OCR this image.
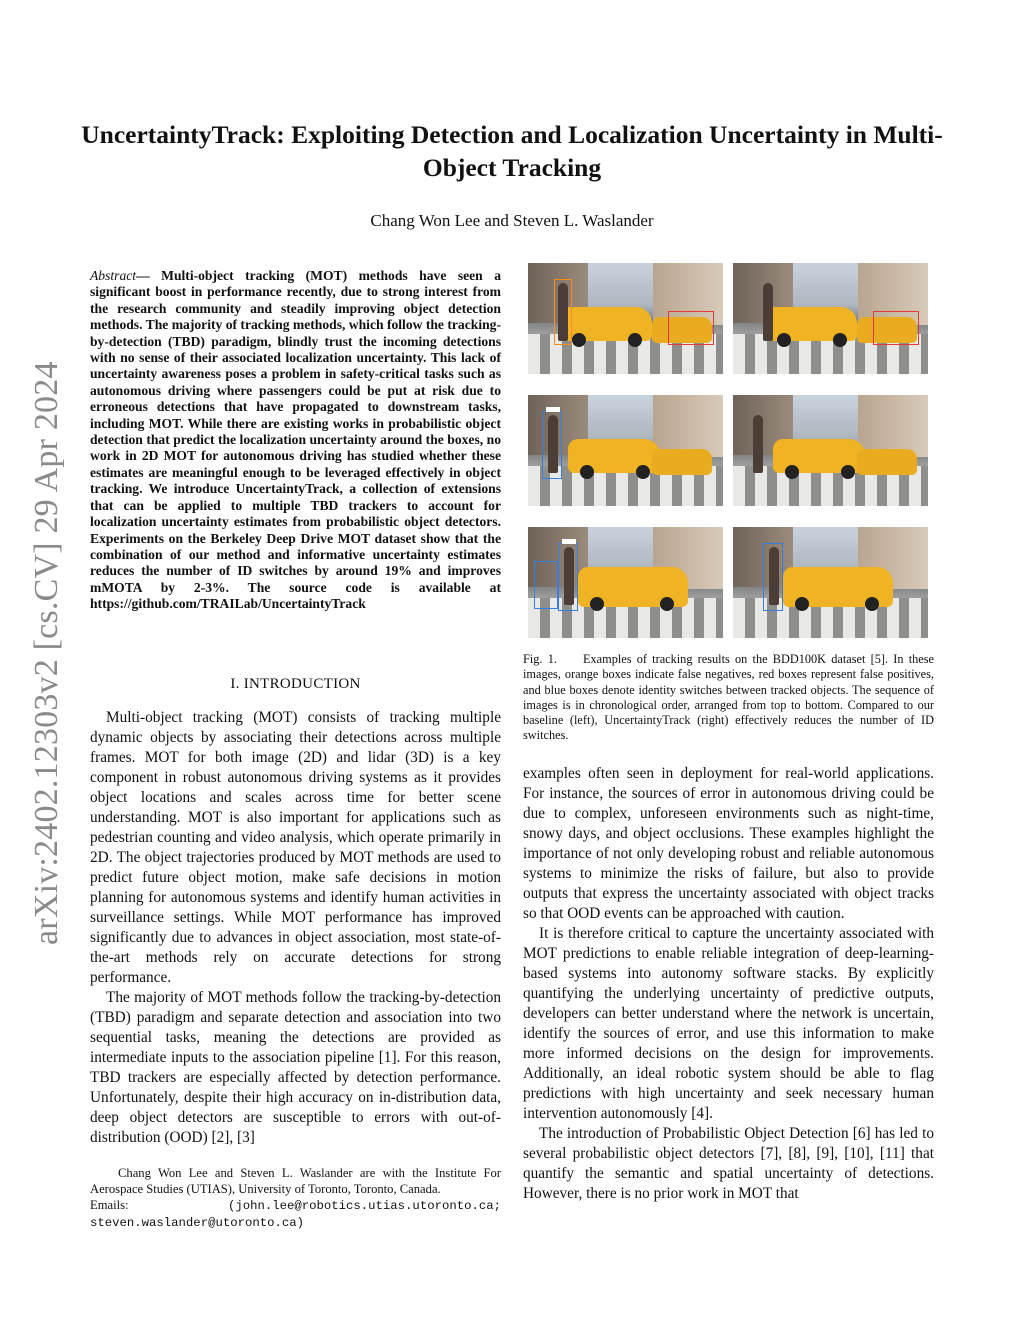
UncertaintyTrack: Exploiting Detection and Localization Uncertainty in Multi-Object Tracking
Chang Won Lee and Steven L. Waslander
arXiv:2402.12303v2 [cs.CV] 29 Apr 2024
Abstract— Multi-object tracking (MOT) methods have seen a significant boost in performance recently, due to strong interest from the research community and steadily improving object detection methods. The majority of tracking methods, which follow the tracking-by-detection (TBD) paradigm, blindly trust the incoming detections with no sense of their associated localization uncertainty. This lack of uncertainty awareness poses a problem in safety-critical tasks such as autonomous driving where passengers could be put at risk due to erroneous detections that have propagated to downstream tasks, including MOT. While there are existing works in probabilistic object detection that predict the localization uncertainty around the boxes, no work in 2D MOT for autonomous driving has studied whether these estimates are meaningful enough to be leveraged effectively in object tracking. We introduce UncertaintyTrack, a collection of extensions that can be applied to multiple TBD trackers to account for localization uncertainty estimates from probabilistic object detectors. Experiments on the Berkeley Deep Drive MOT dataset show that the combination of our method and informative uncertainty estimates reduces the number of ID switches by around 19% and improves mMOTA by 2-3%. The source code is available at https://github.com/TRAILab/UncertaintyTrack
I. INTRODUCTION

Multi-object tracking (MOT) consists of tracking multiple dynamic objects by associating their detections across multiple frames. MOT for both image (2D) and lidar (3D) is a key component in robust autonomous driving systems as it provides object locations and scales across time for better scene understanding. MOT is also important for applications such as pedestrian counting and video analysis, which operate primarily in 2D. The object trajectories produced by MOT methods are used to predict future object motion, make safe decisions in motion planning for autonomous systems and identify human activities in surveillance settings. While MOT performance has improved significantly due to advances in object association, most state-of-the-art methods rely on accurate detections for strong performance.

The majority of MOT methods follow the tracking-by-detection (TBD) paradigm and separate detection and association into two sequential tasks, meaning the detections are provided as intermediate inputs to the association pipeline [1]. For this reason, TBD trackers are especially affected by detection performance. Unfortunately, despite their high accuracy on in-distribution data, deep object detectors are susceptible to errors with out-of-distribution (OOD) [2], [3]

Chang Won Lee and Steven L. Waslander are with the Institute For Aerospace Studies (UTIAS), University of Toronto, Toronto, Canada.
Emails:	(john.lee@robotics.utias.utoronto.ca; steven.waslander@utoronto.ca)
Fig. 1.     Examples of tracking results on the BDD100K dataset [5]. In these images, orange boxes indicate false negatives, red boxes represent false positives, and blue boxes denote identity switches between tracked objects. The sequence of images is in chronological order, arranged from top to bottom. Compared to our baseline (left), UncertaintyTrack (right) effectively reduces the number of ID switches.

examples often seen in deployment for real-world applications. For instance, the sources of error in autonomous driving could be due to complex, unforeseen environments such as night-time, snowy days, and object occlusions. These examples highlight the importance of not only developing robust and reliable autonomous systems to minimize the risks of failure, but also to provide outputs that express the uncertainty associated with object tracks so that OOD events can be approached with caution.

It is therefore critical to capture the uncertainty associated with MOT predictions to enable reliable integration of deep-learning-based systems into autonomy software stacks. By explicitly quantifying the underlying uncertainty of predictive outputs, developers can better understand where the network is uncertain, identify the sources of error, and use this information to make more informed decisions on the design for improvements. Additionally, an ideal robotic system should be able to flag predictions with high uncertainty and seek necessary human intervention autonomously [4].

The introduction of Probabilistic Object Detection [6] has led to several probabilistic object detectors [7], [8], [9], [10], [11] that quantify the semantic and spatial uncertainty of detections. However, there is no prior work in MOT that
